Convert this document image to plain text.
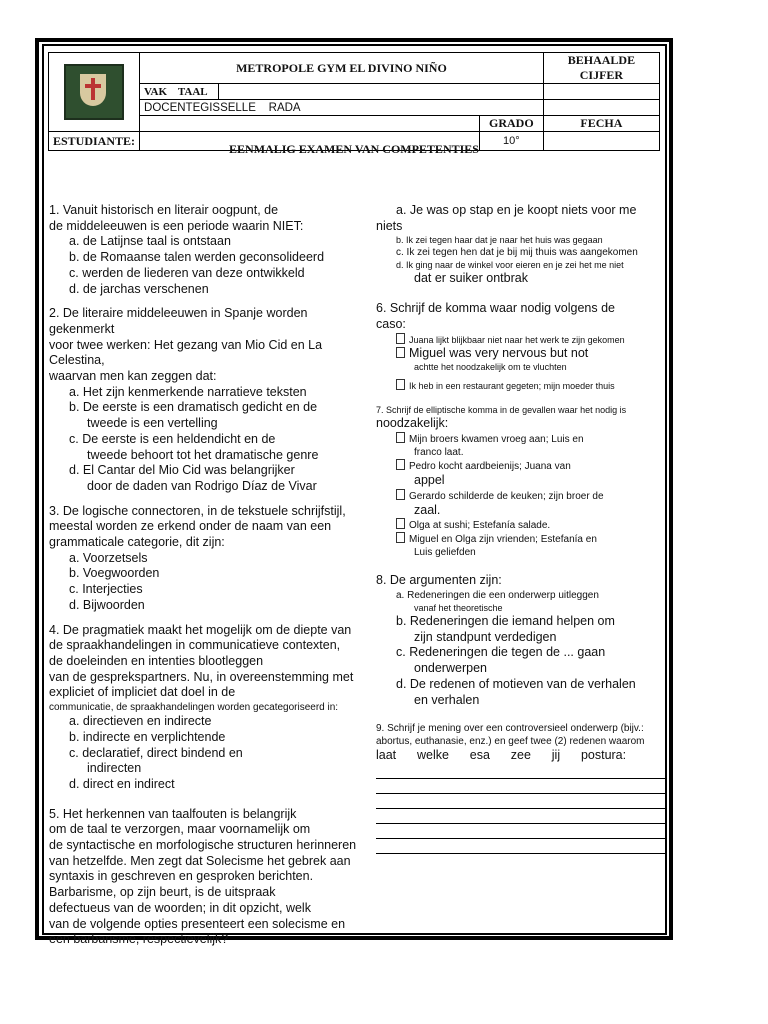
	METROPOLE GYM EL DIVINO NIÑO			BEHAALDE CIJFER
	VAK    TAAL			
	DOCENTEGISSELLE    RADA			
			GRADO	FECHA
ESTUDIANTE:			10°	
EENMALIG EXAMEN VAN COMPETENTIES

1. Vanuit historisch en literair oogpunt, de

de middeleeuwen is een periode waarin NIET:

a. de Latijnse taal is ontstaan

b. de Romaanse talen werden geconsolideerd

c. werden de liederen van deze ontwikkeld

d. de jarchas verschenen

2. De literaire middeleeuwen in Spanje worden gekenmerkt

voor twee werken: Het gezang van Mio Cid en La Celestina,

waarvan men kan zeggen dat:

a. Het zijn kenmerkende narratieve teksten

b. De eerste is een dramatisch gedicht en de

tweede is een vertelling

c. De eerste is een heldendicht en de

tweede behoort tot het dramatische genre

d. El Cantar del Mio Cid was belangrijker

door de daden van Rodrigo Díaz de Vivar

3. De logische connectoren, in de tekstuele schrijfstijl,

meestal worden ze erkend onder de naam van een

grammaticale categorie, dit zijn:

a. Voorzetsels

b. Voegwoorden

c. Interjecties

d. Bijwoorden

4. De pragmatiek maakt het mogelijk om de diepte van

de spraakhandelingen in communicatieve contexten,

de doeleinden en intenties blootleggen

van de gesprekspartners. Nu, in overeenstemming met

expliciet of impliciet dat doel in de

communicatie, de spraakhandelingen worden gecategoriseerd in:

a. directieven en indirecte

b. indirecte en verplichtende

c. declaratief, direct bindend en

indirecten

d. direct en indirect

5. Het herkennen van taalfouten is belangrijk

om de taal te verzorgen, maar voornamelijk om

de syntactische en morfologische structuren herinneren

van hetzelfde. Men zegt dat Solecisme het gebrek aan

syntaxis in geschreven en gesproken berichten.

Barbarisme, op zijn beurt, is de uitspraak

defectueus van de woorden; in dit opzicht, welk

van de volgende opties presenteert een solecisme en

een barbarisme, respectievelijk?

a. Je was op stap en je koopt niets voor me

niets

b. Ik zei tegen haar dat je naar het huis was gegaan

c. Ik zei tegen hen dat je bij mij thuis was aangekomen

d. Ik ging naar de winkel voor eieren en je zei het me niet

dat er suiker ontbrak

6. Schrijf de komma waar nodig volgens de

caso:

Juana lijkt blijkbaar niet naar het werk te zijn gekomen

Miguel was very nervous but not

achtte het noodzakelijk om te vluchten

Ik heb in een restaurant gegeten; mijn moeder thuis

7. Schrijf de elliptische komma in de gevallen waar het nodig is

noodzakelijk:

Mijn broers kwamen vroeg aan; Luis en

franco laat.

Pedro kocht aardbeienijs; Juana van

appel

Gerardo schilderde de keuken; zijn broer de

zaal.

Olga at sushi; Estefanía salade.

Miguel en Olga zijn vrienden; Estefanía en

Luis geliefden

8. De argumenten zijn:

a. Redeneringen die een onderwerp uitleggen

vanaf het theoretische

b. Redeneringen die iemand helpen om

zijn standpunt verdedigen

c. Redeneringen die tegen de ... gaan

onderwerpen

d. De redenen of motieven van de verhalen

en verhalen

9. Schrijf je mening over een controversieel onderwerp (bijv.:

abortus, euthanasie, enz.) en geef twee (2) redenen waarom

laat      welke      esa      zee      jij      postura:
